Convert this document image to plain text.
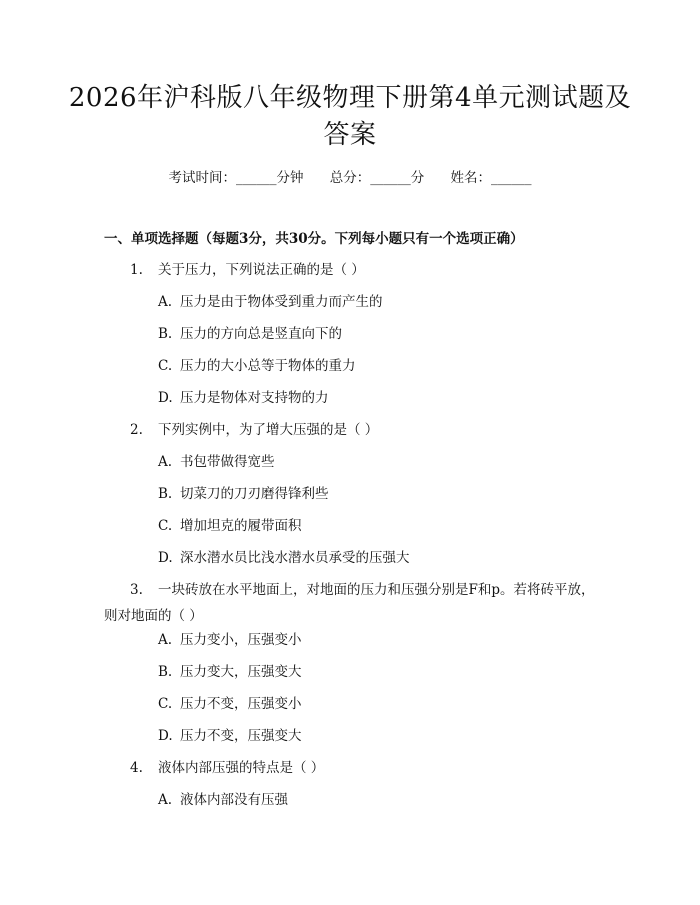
2026年沪科版八年级物理下册第4单元测试题及答案
考试时间：______分钟 总分：______分 姓名：______
一、单项选择题（每题3分，共30分。下列每小题只有一个选项正确）
1. 关于压力，下列说法正确的是（ ）
A. 压力是由于物体受到重力而产生的
B. 压力的方向总是竖直向下的
C. 压力的大小总等于物体的重力
D. 压力是物体对支持物的力
2. 下列实例中，为了增大压强的是（ ）
A. 书包带做得宽些
B. 切菜刀的刀刃磨得锋利些
C. 增加坦克的履带面积
D. 深水潜水员比浅水潜水员承受的压强大
3. 一块砖放在水平地面上，对地面的压力和压强分别是F和p。若将砖平放，则对地面的（ ）
A. 压力变小，压强变小
B. 压力变大，压强变大
C. 压力不变，压强变小
D. 压力不变，压强变大
4. 液体内部压强的特点是（ ）
A. 液体内部没有压强
